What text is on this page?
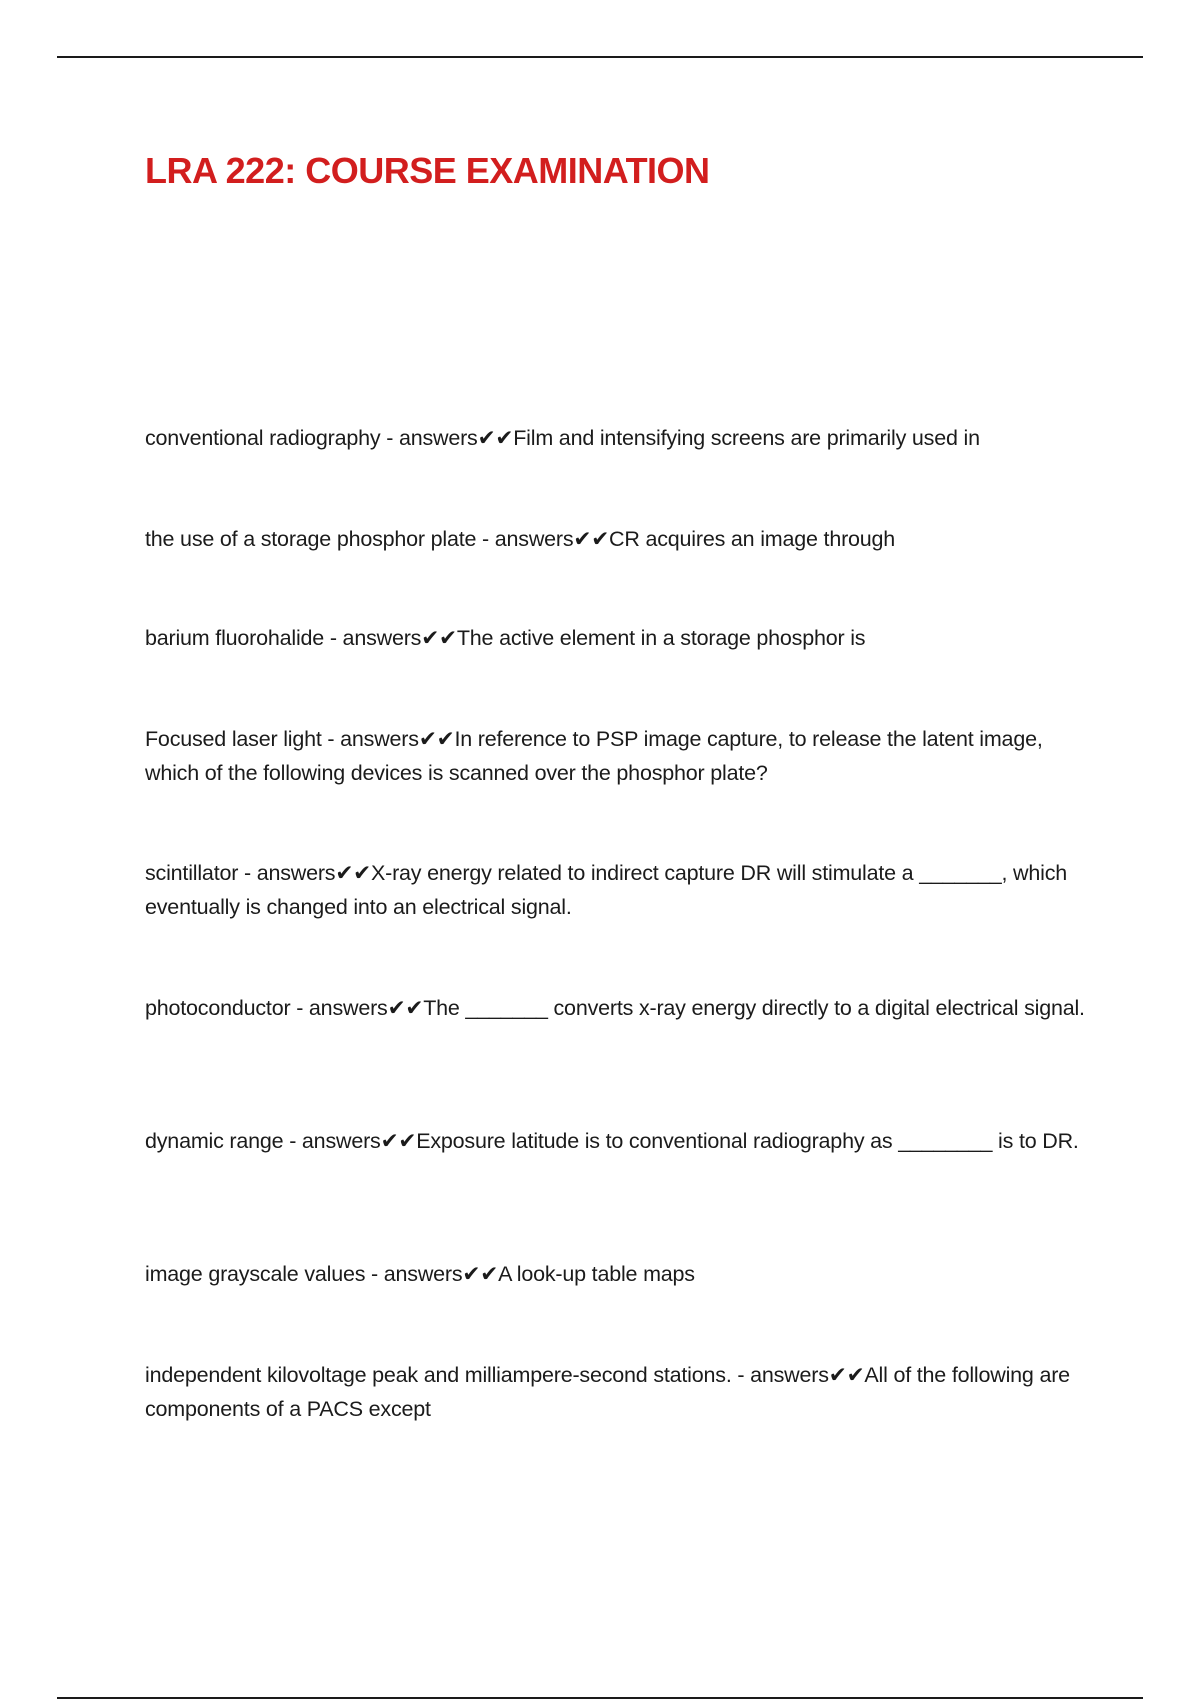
LRA 222: COURSE EXAMINATION

conventional radiography - answers✔✔Film and intensifying screens are primarily used in

the use of a storage phosphor plate - answers✔✔CR acquires an image through

barium fluorohalide - answers✔✔The active element in a storage phosphor is

Focused laser light - answers✔✔In reference to PSP image capture, to release the latent image, which of the following devices is scanned over the phosphor plate?

scintillator - answers✔✔X-ray energy related to indirect capture DR will stimulate a _______, which eventually is changed into an electrical signal.

photoconductor - answers✔✔The _______ converts x-ray energy directly to a digital electrical signal.

dynamic range - answers✔✔Exposure latitude is to conventional radiography as ________ is to DR.

image grayscale values - answers✔✔A look-up table maps

independent kilovoltage peak and milliampere-second stations. - answers✔✔All of the following are components of a PACS except
